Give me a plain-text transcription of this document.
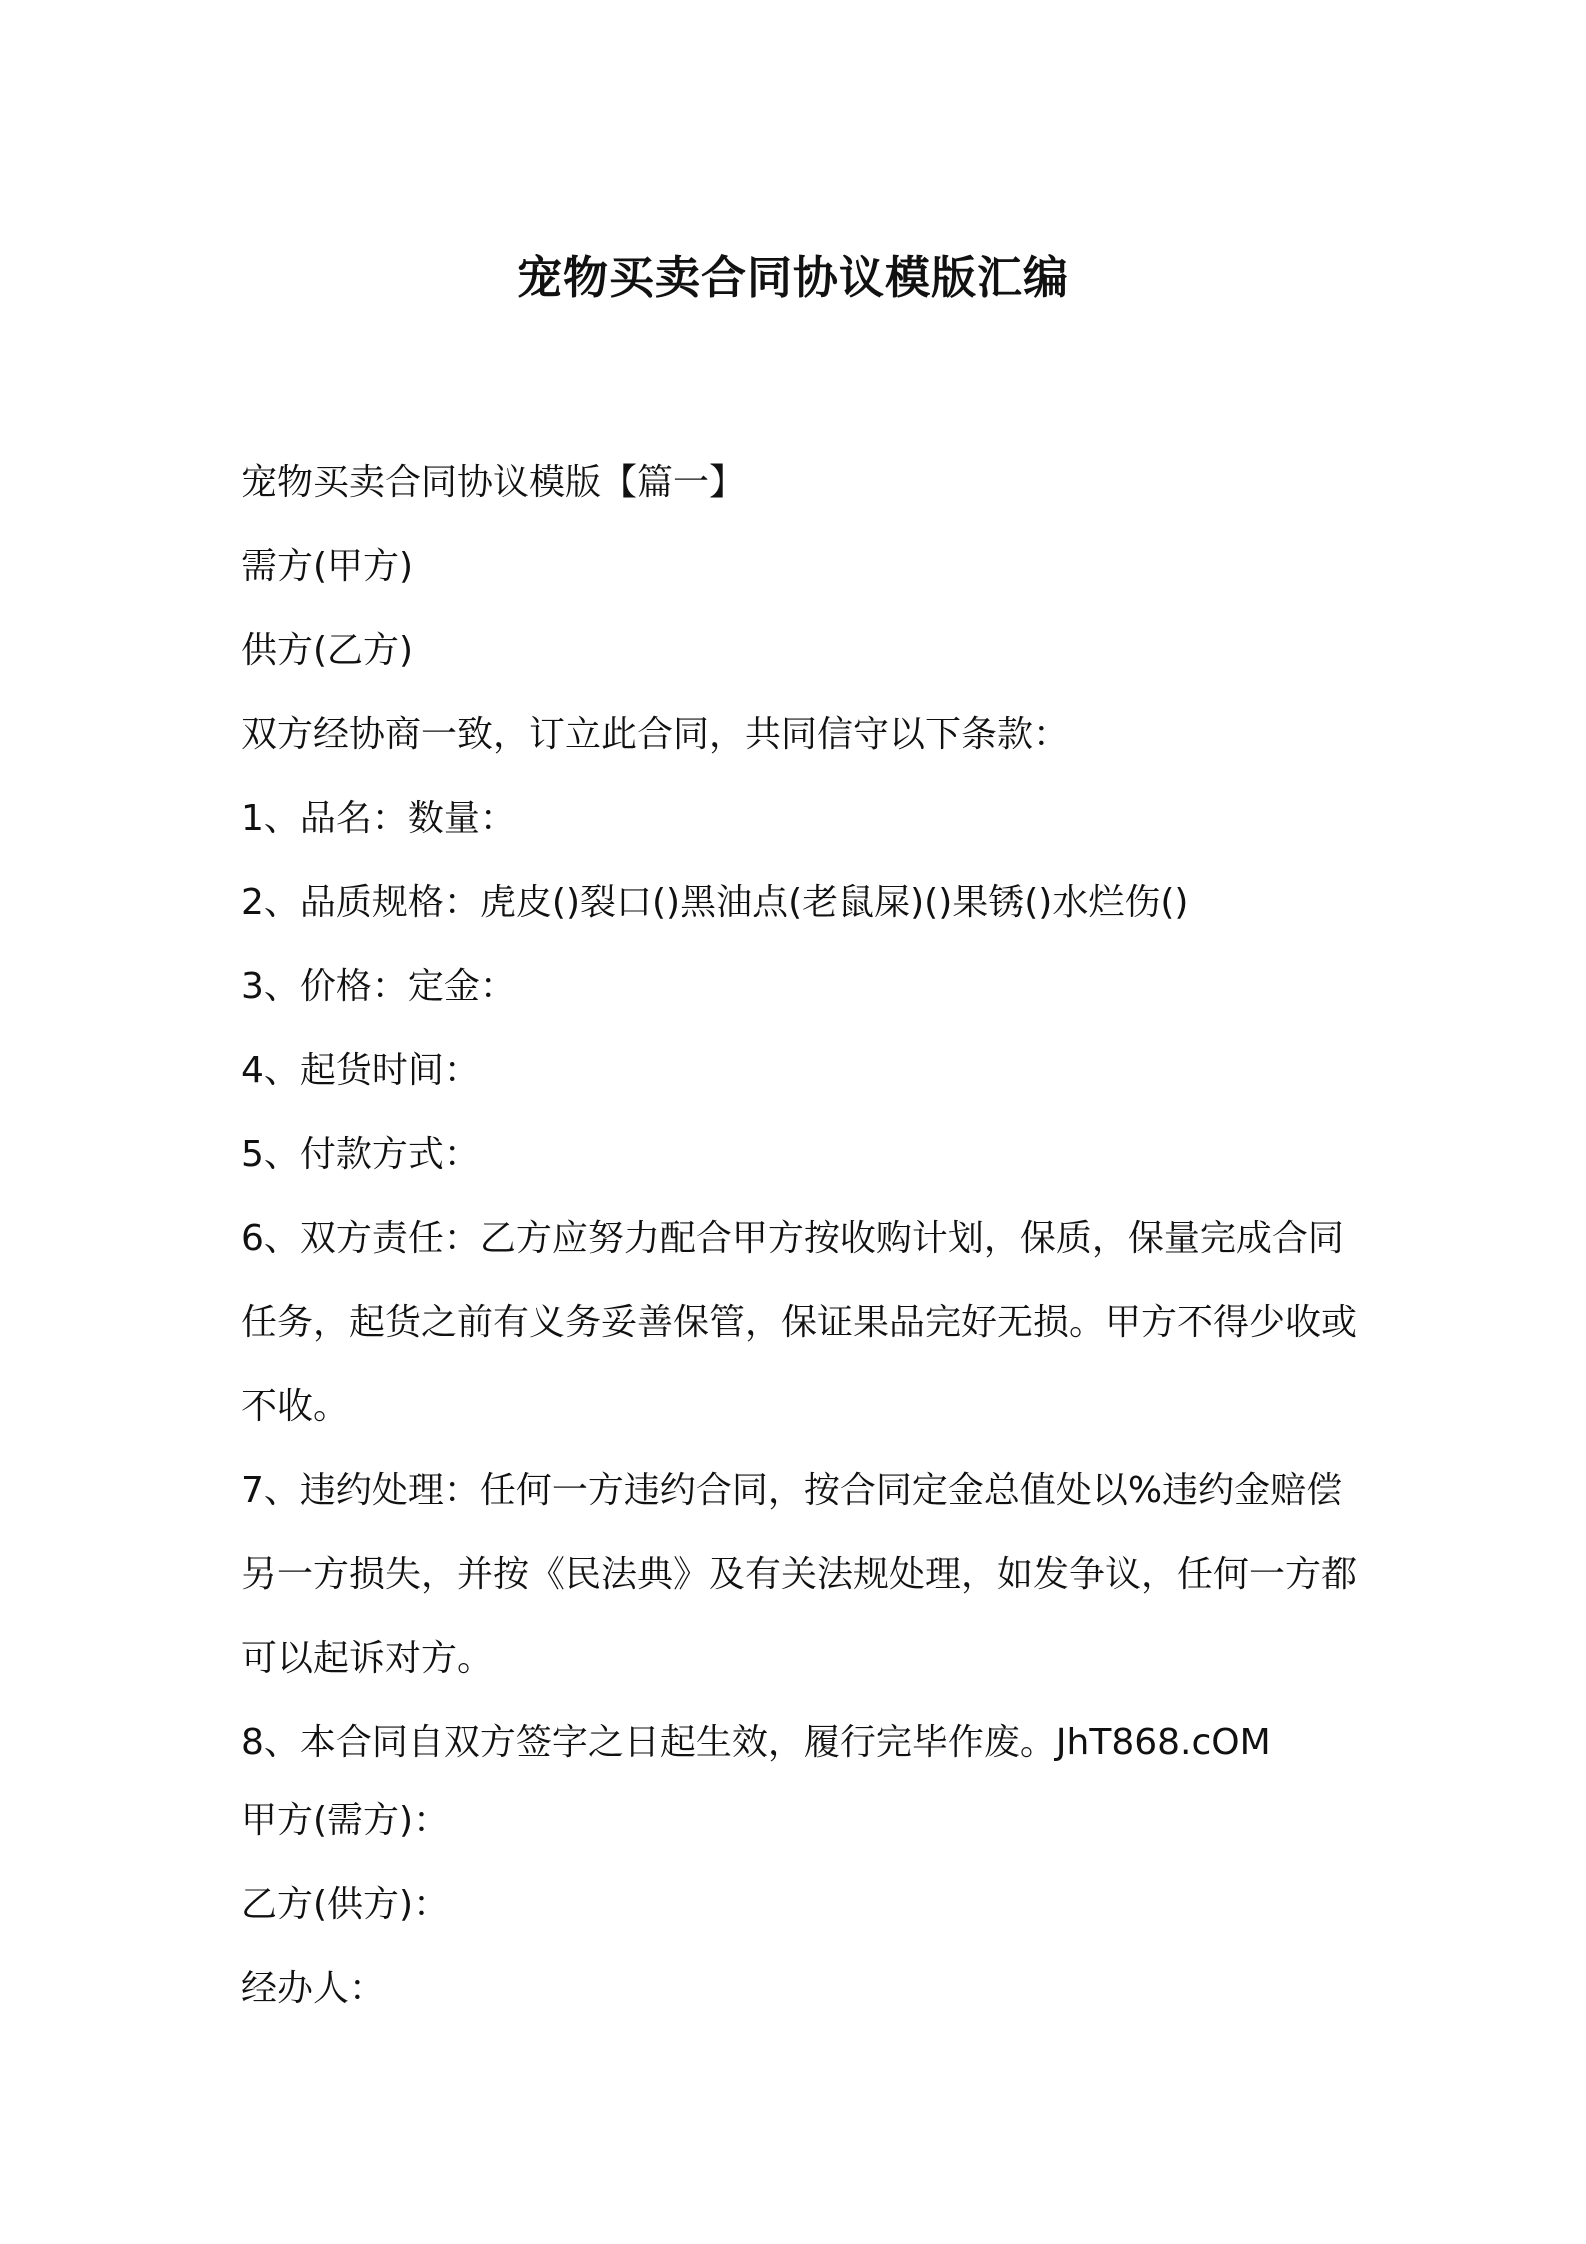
宠物买卖合同协议模版汇编

宠物买卖合同协议模版【篇一】

需方(甲方)

供方(乙方)

双方经协商一致，订立此合同，共同信守以下条款：

1、品名：数量：

2、品质规格：虎皮()裂口()黑油点(老鼠屎)()果锈()水烂伤()

3、价格：定金：

4、起货时间：

5、付款方式：

6、双方责任：乙方应努力配合甲方按收购计划，保质，保量完成合同任务，起货之前有义务妥善保管，保证果品完好无损。甲方不得少收或不收。

7、违约处理：任何一方违约合同，按合同定金总值处以%违约金赔偿另一方损失，并按《民法典》及有关法规处理，如发争议，任何一方都可以起诉对方。

8、本合同自双方签字之日起生效，履行完毕作废。JhT868.cOM

甲方(需方)：

乙方(供方)：

经办人：
